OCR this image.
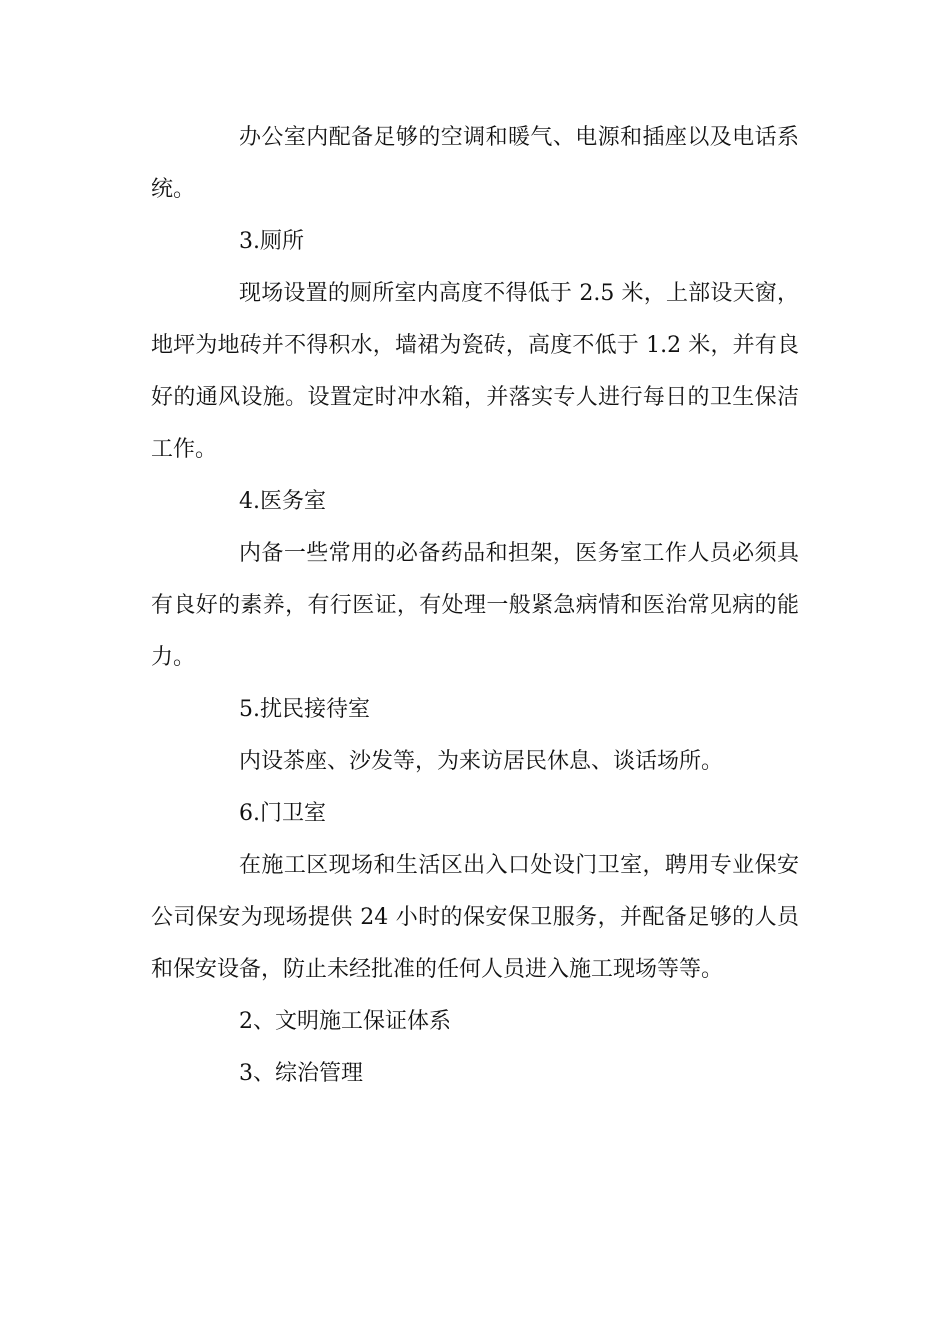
办公室内配备足够的空调和暖气、电源和插座以及电话系统。

3.厕所

现场设置的厕所室内高度不得低于 2.5 米，上部设天窗，地坪为地砖并不得积水，墙裙为瓷砖，高度不低于 1.2 米，并有良好的通风设施。设置定时冲水箱，并落实专人进行每日的卫生保洁工作。

4.医务室

内备一些常用的必备药品和担架，医务室工作人员必须具有良好的素养，有行医证，有处理一般紧急病情和医治常见病的能力。

5.扰民接待室

内设茶座、沙发等，为来访居民休息、谈话场所。

6.门卫室

在施工区现场和生活区出入口处设门卫室，聘用专业保安公司保安为现场提供 24 小时的保安保卫服务，并配备足够的人员和保安设备，防止未经批准的任何人员进入施工现场等等。

2、文明施工保证体系

3、综治管理
